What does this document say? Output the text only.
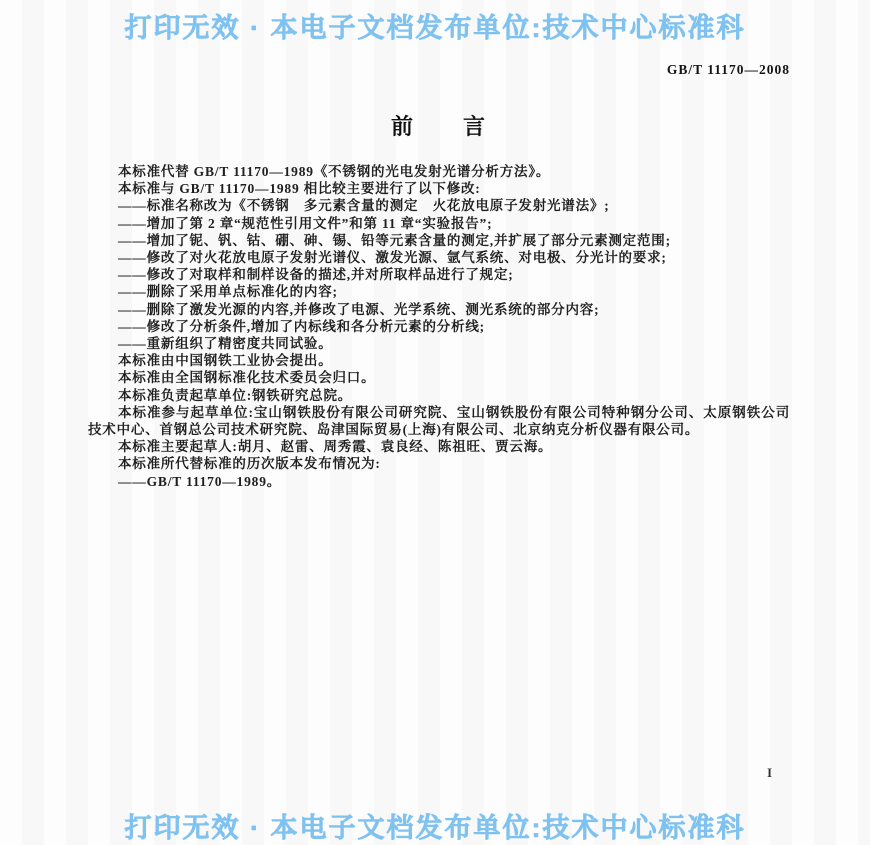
打印无效 · 本电子文档发布单位:技术中心标准科
GB/T 11170—2008
前　　言

本标准代替 GB/T 11170—1989《不锈钢的光电发射光谱分析方法》。

本标准与 GB/T 11170—1989 相比较主要进行了以下修改:

——标准名称改为《不锈钢　多元素含量的测定　火花放电原子发射光谱法》;

——增加了第 2 章“规范性引用文件”和第 11 章“实验报告”;

——增加了铌、钒、钴、硼、砷、锡、铅等元素含量的测定,并扩展了部分元素测定范围;

——修改了对火花放电原子发射光谱仪、激发光源、氩气系统、对电极、分光计的要求;

——修改了对取样和制样设备的描述,并对所取样品进行了规定;

——删除了采用单点标准化的内容;

——删除了激发光源的内容,并修改了电源、光学系统、测光系统的部分内容;

——修改了分析条件,增加了内标线和各分析元素的分析线;

——重新组织了精密度共同试验。

本标准由中国钢铁工业协会提出。

本标准由全国钢标准化技术委员会归口。

本标准负责起草单位:钢铁研究总院。

本标准参与起草单位:宝山钢铁股份有限公司研究院、宝山钢铁股份有限公司特种钢分公司、太原钢铁公司技术中心、首钢总公司技术研究院、岛津国际贸易(上海)有限公司、北京纳克分析仪器有限公司。

本标准主要起草人:胡月、赵雷、周秀霞、袁良经、陈祖旺、贾云海。

本标准所代替标准的历次版本发布情况为:

——GB/T 11170—1989。

I
打印无效 · 本电子文档发布单位:技术中心标准科
